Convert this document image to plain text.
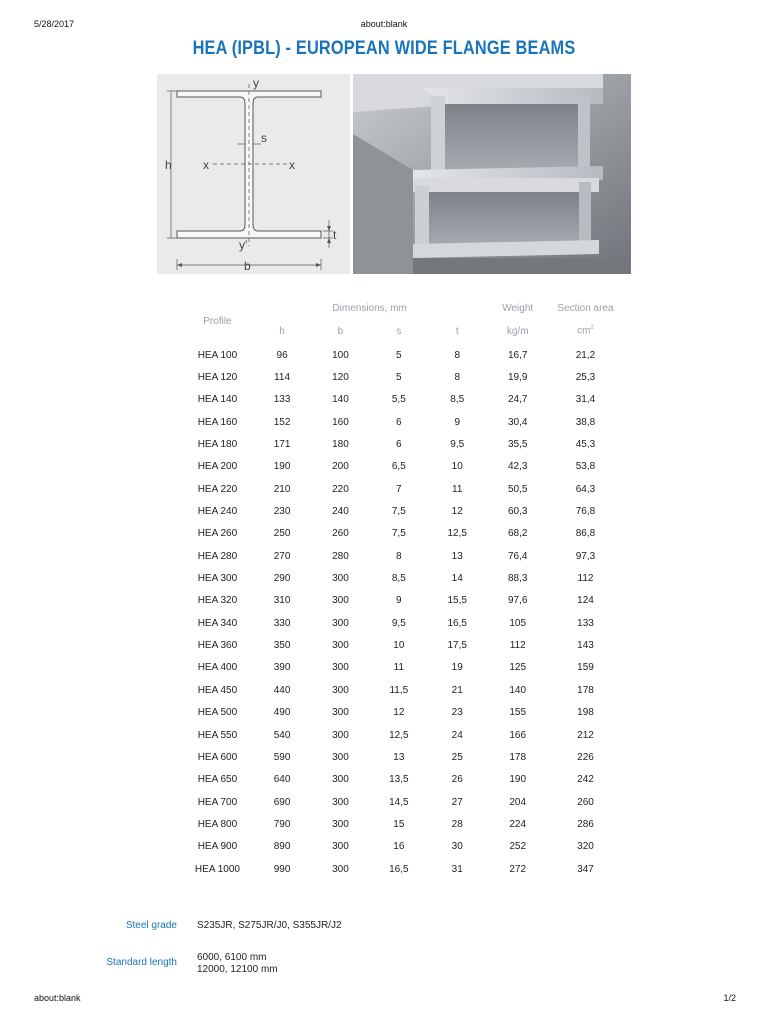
5/28/2017	about:blank
HEA (IPBL) - EUROPEAN WIDE FLANGE BEAMS
y
y'
s
h	x	x
t
b
Profile	Dimensions, mm				Weight	Section area
	h	b	s	t	kg/m	$cm^2$
HEA 100	96	100	5	8	16,7	21,2
HEA 120	114	120	5	8	19,9	25,3
HEA 140	133	140	5,5	8,5	24,7	31,4
HEA 160	152	160	6	9	30,4	38,8
HEA 180	171	180	6	9,5	35,5	45,3
HEA 200	190	200	6,5	10	42,3	53,8
HEA 220	210	220	7	11	50,5	64,3
HEA 240	230	240	7,5	12	60,3	76,8
HEA 260	250	260	7,5	12,5	68,2	86,8
HEA 280	270	280	8	13	76,4	97,3
HEA 300	290	300	8,5	14	88,3	112
HEA 320	310	300	9	15,5	97,6	124
HEA 340	330	300	9,5	16,5	105	133
HEA 360	350	300	10	17,5	112	143
HEA 400	390	300	11	19	125	159
HEA 450	440	300	11,5	21	140	178
HEA 500	490	300	12	23	155	198
HEA 550	540	300	12,5	24	166	212
HEA 600	590	300	13	25	178	226
HEA 650	640	300	13,5	26	190	242
HEA 700	690	300	14,5	27	204	260
HEA 800	790	300	15	28	224	286
HEA 900	890	300	16	30	252	320
HEA 1000	990	300	16,5	31	272	347
Steel grade S235JR, S275JR/J0, S355JR/J2
Standard length 6000, 6100 mm
12000, 12100 mm
about:blank	1/2
